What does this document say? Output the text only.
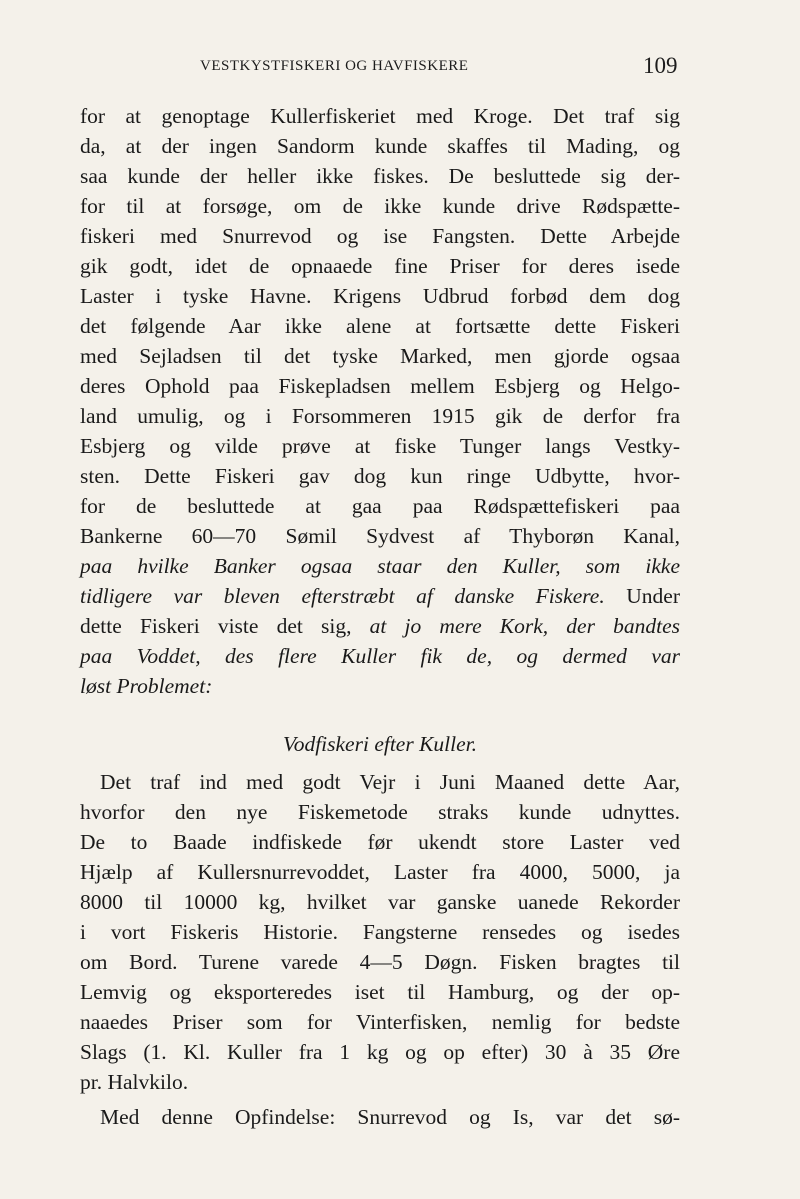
VESTKYSTFISKERI OG HAVFISKERE	109
for at genoptage Kullerfiskeriet med Kroge. Det traf sig
da, at der ingen Sandorm kunde skaffes til Mading, og
saa kunde der heller ikke fiskes. De besluttede sig der-
for til at forsøge, om de ikke kunde drive Rødspætte-
fiskeri med Snurrevod og ise Fangsten. Dette Arbejde
gik godt, idet de opnaaede fine Priser for deres isede
Laster i tyske Havne. Krigens Udbrud forbød dem dog
det følgende Aar ikke alene at fortsætte dette Fiskeri
med Sejladsen til det tyske Marked, men gjorde ogsaa
deres Ophold paa Fiskepladsen mellem Esbjerg og Helgo-
land umulig, og i Forsommeren 1915 gik de derfor fra
Esbjerg og vilde prøve at fiske Tunger langs Vestky-
sten. Dette Fiskeri gav dog kun ringe Udbytte, hvor-
for de besluttede at gaa paa Rødspættefiskeri paa
Bankerne 60—70 Sømil Sydvest af Thyborøn Kanal,
paa hvilke Banker ogsaa staar den Kuller, som ikke
tidligere var bleven efterstræbt af danske Fiskere. Under
dette Fiskeri viste det sig, at jo mere Kork, der bandtes
paa Voddet, des flere Kuller fik de, og dermed var
løst Problemet:
Vodfiskeri efter Kuller.
Det traf ind med godt Vejr i Juni Maaned dette Aar,
hvorfor den nye Fiskemetode straks kunde udnyttes.
De to Baade indfiskede før ukendt store Laster ved
Hjælp af Kullersnurrevoddet, Laster fra 4000, 5000, ja
8000 til 10000 kg, hvilket var ganske uanede Rekorder
i vort Fiskeris Historie. Fangsterne rensedes og isedes
om Bord. Turene varede 4—5 Døgn. Fisken bragtes til
Lemvig og eksporteredes iset til Hamburg, og der op-
naaedes Priser som for Vinterfisken, nemlig for bedste
Slags (1. Kl. Kuller fra 1 kg og op efter) 30 à 35 Øre
pr. Halvkilo.
Med denne Opfindelse: Snurrevod og Is, var det sø-
